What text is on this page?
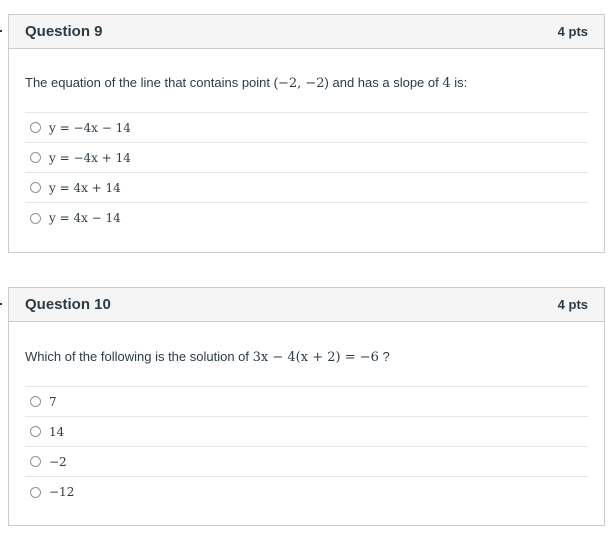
Question 9	4 pts
The equation of the line that contains point (−2, −2) and has a slope of 4 is:
y = −4x − 14
y = −4x + 14
y = 4x + 14
y = 4x − 14
Question 10	4 pts
Which of the following is the solution of 3x − 4(x + 2) = −6 ?
7
14
−2
−12
